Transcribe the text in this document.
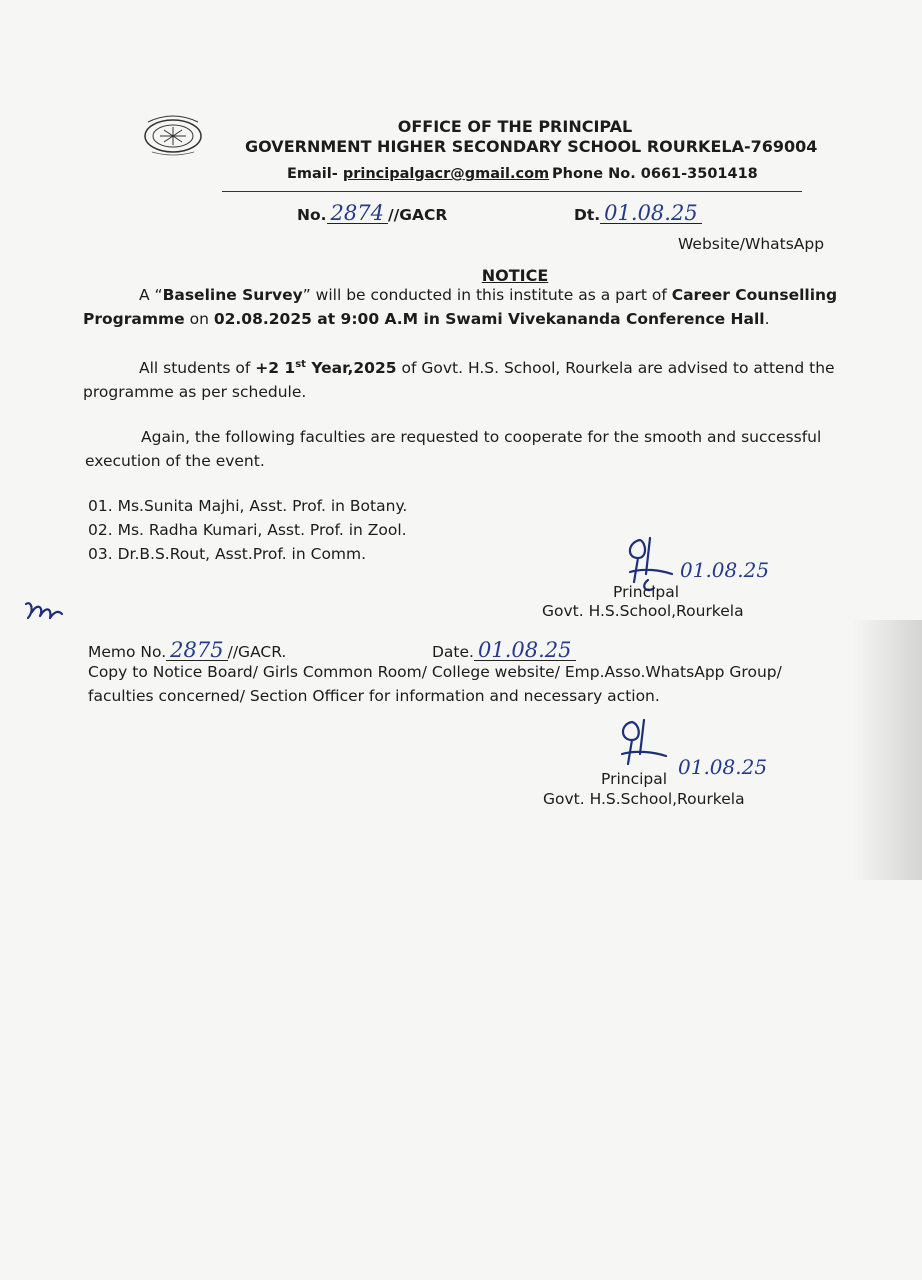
OFFICE OF THE PRINCIPAL
GOVERNMENT HIGHER SECONDARY SCHOOL ROURKELA-769004
Email- principalgacr@gmail.com Phone No. 0661-3501418
No. 2874 //GACR	Dt. 01.08.25
Website/WhatsApp
NOTICE
A “Baseline Survey” will be conducted in this institute as a part of Career Counselling
Programme on 02.08.2025 at 9:00 A.M in Swami Vivekananda Conference Hall.
All students of +2 1st Year,2025 of Govt. H.S. School, Rourkela are advised to attend the
programme as per schedule.
Again, the following faculties are requested to cooperate for the smooth and successful
execution of the event.
01. Ms.Sunita Majhi, Asst. Prof. in Botany.
02. Ms. Radha Kumari, Asst. Prof. in Zool.
03. Dr.B.S.Rout, Asst.Prof. in Comm.
01.08.25
Principal
Govt. H.S.School,Rourkela
Memo No. 2875 //GACR.	Date. 01.08.25
Copy to Notice Board/ Girls Common Room/ College website/ Emp.Asso.WhatsApp Group/
faculties concerned/ Section Officer for information and necessary action.
01.08.25
Principal
Govt. H.S.School,Rourkela
